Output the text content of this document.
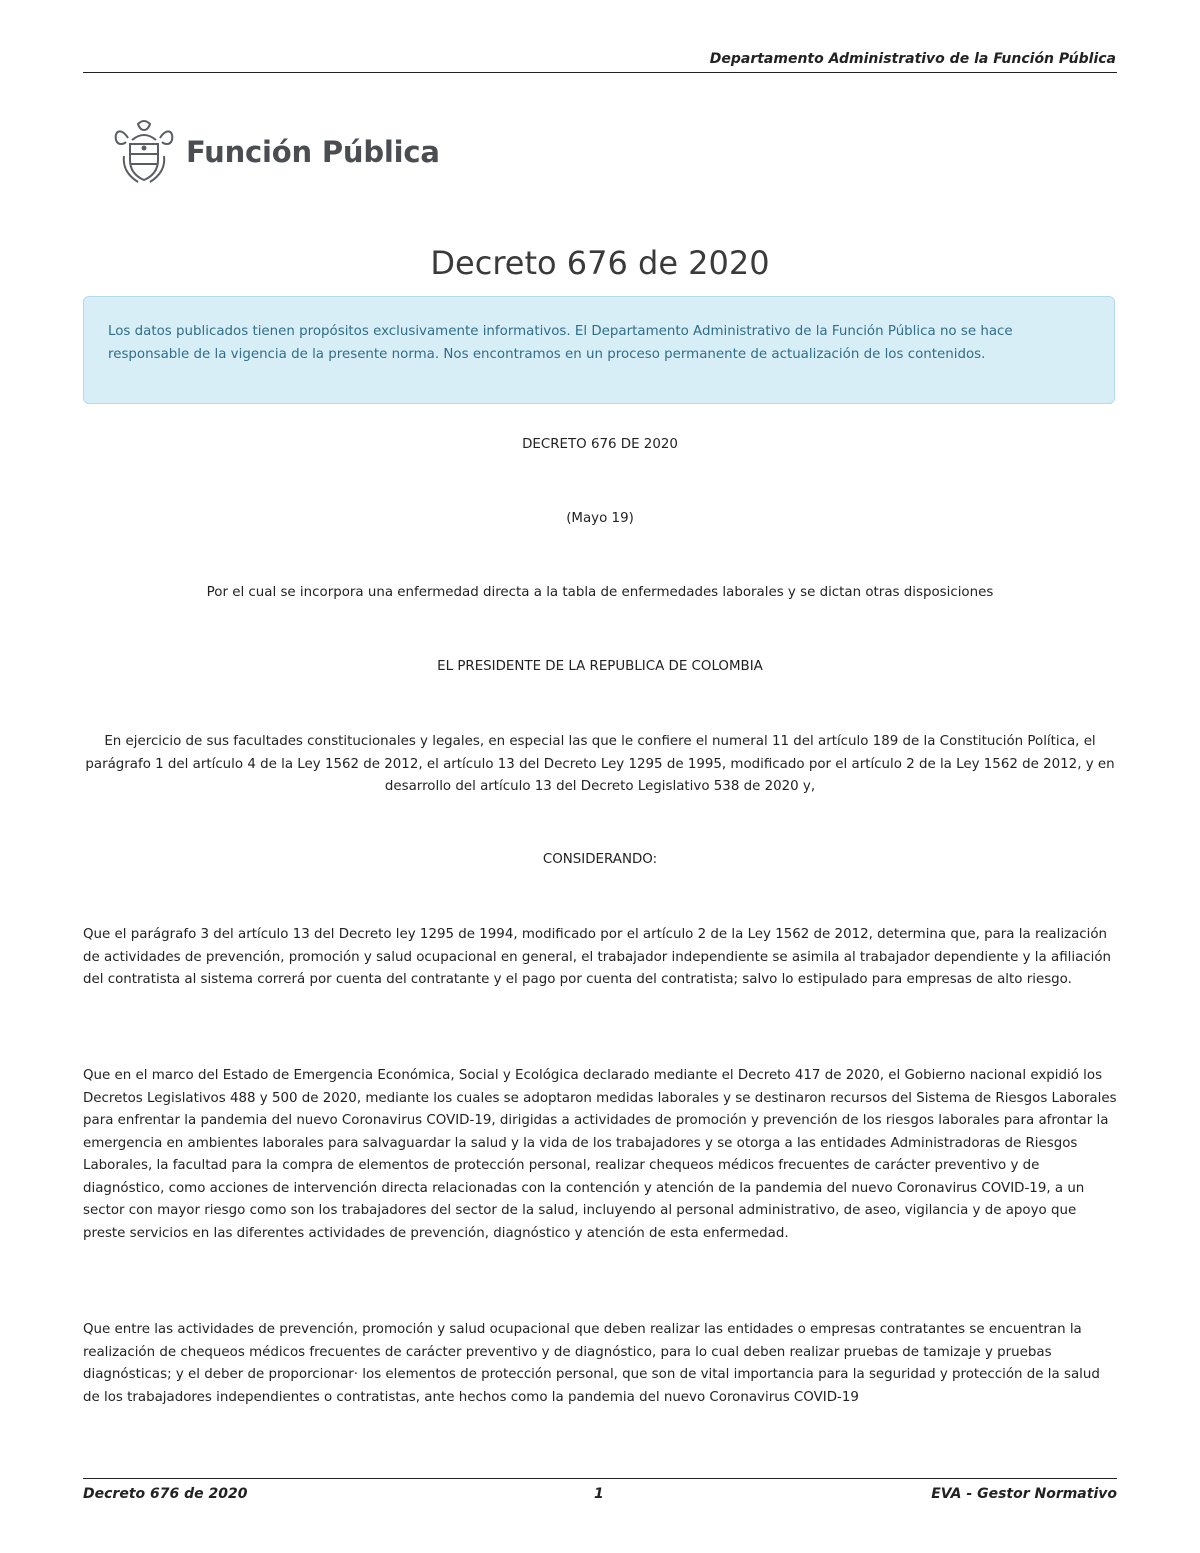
Departamento Administrativo de la Función Pública
Función Pública
Decreto 676 de 2020
Los datos publicados tienen propósitos exclusivamente informativos. El Departamento Administrativo de la Función Pública no se hace responsable de la vigencia de la presente norma. Nos encontramos en un proceso permanente de actualización de los contenidos.
DECRETO 676 DE 2020
(Mayo 19)
Por el cual se incorpora una enfermedad directa a la tabla de enfermedades laborales y se dictan otras disposiciones
EL PRESIDENTE DE LA REPUBLICA DE COLOMBIA
En ejercicio de sus facultades constitucionales y legales, en especial las que le confiere el numeral 11 del artículo 189 de la Constitución Política, el parágrafo 1 del artículo 4 de la Ley 1562 de 2012, el artículo 13 del Decreto Ley 1295 de 1995, modificado por el artículo 2 de la Ley 1562 de 2012, y en desarrollo del artículo 13 del Decreto Legislativo 538 de 2020 y,
CONSIDERANDO:
Que el parágrafo 3 del artículo 13 del Decreto ley 1295 de 1994, modificado por el artículo 2 de la Ley 1562 de 2012, determina que, para la realización de actividades de prevención, promoción y salud ocupacional en general, el trabajador independiente se asimila al trabajador dependiente y la afiliación del contratista al sistema correrá por cuenta del contratante y el pago por cuenta del contratista; salvo lo estipulado para empresas de alto riesgo.
Que en el marco del Estado de Emergencia Económica, Social y Ecológica declarado mediante el Decreto 417 de 2020, el Gobierno nacional expidió los Decretos Legislativos 488 y 500 de 2020, mediante los cuales se adoptaron medidas laborales y se destinaron recursos del Sistema de Riesgos Laborales para enfrentar la pandemia del nuevo Coronavirus COVID-19, dirigidas a actividades de promoción y prevención de los riesgos laborales para afrontar la emergencia en ambientes laborales para salvaguardar la salud y la vida de los trabajadores y se otorga a las entidades Administradoras de Riesgos Laborales, la facultad para la compra de elementos de protección personal, realizar chequeos médicos frecuentes de carácter preventivo y de diagnóstico, como acciones de intervención directa relacionadas con la contención y atención de la pandemia del nuevo Coronavirus COVID-19, a un sector con mayor riesgo como son los trabajadores del sector de la salud, incluyendo al personal administrativo, de aseo, vigilancia y de apoyo que preste servicios en las diferentes actividades de prevención, diagnóstico y atención de esta enfermedad.
Que entre las actividades de prevención, promoción y salud ocupacional que deben realizar las entidades o empresas contratantes se encuentran la realización de chequeos médicos frecuentes de carácter preventivo y de diagnóstico, para lo cual deben realizar pruebas de tamizaje y pruebas diagnósticas; y el deber de proporcionar· los elementos de protección personal, que son de vital importancia para la seguridad y protección de la salud de los trabajadores independientes o contratistas, ante hechos como la pandemia del nuevo Coronavirus COVID-19
Decreto 676 de 2020	1	EVA - Gestor Normativo
